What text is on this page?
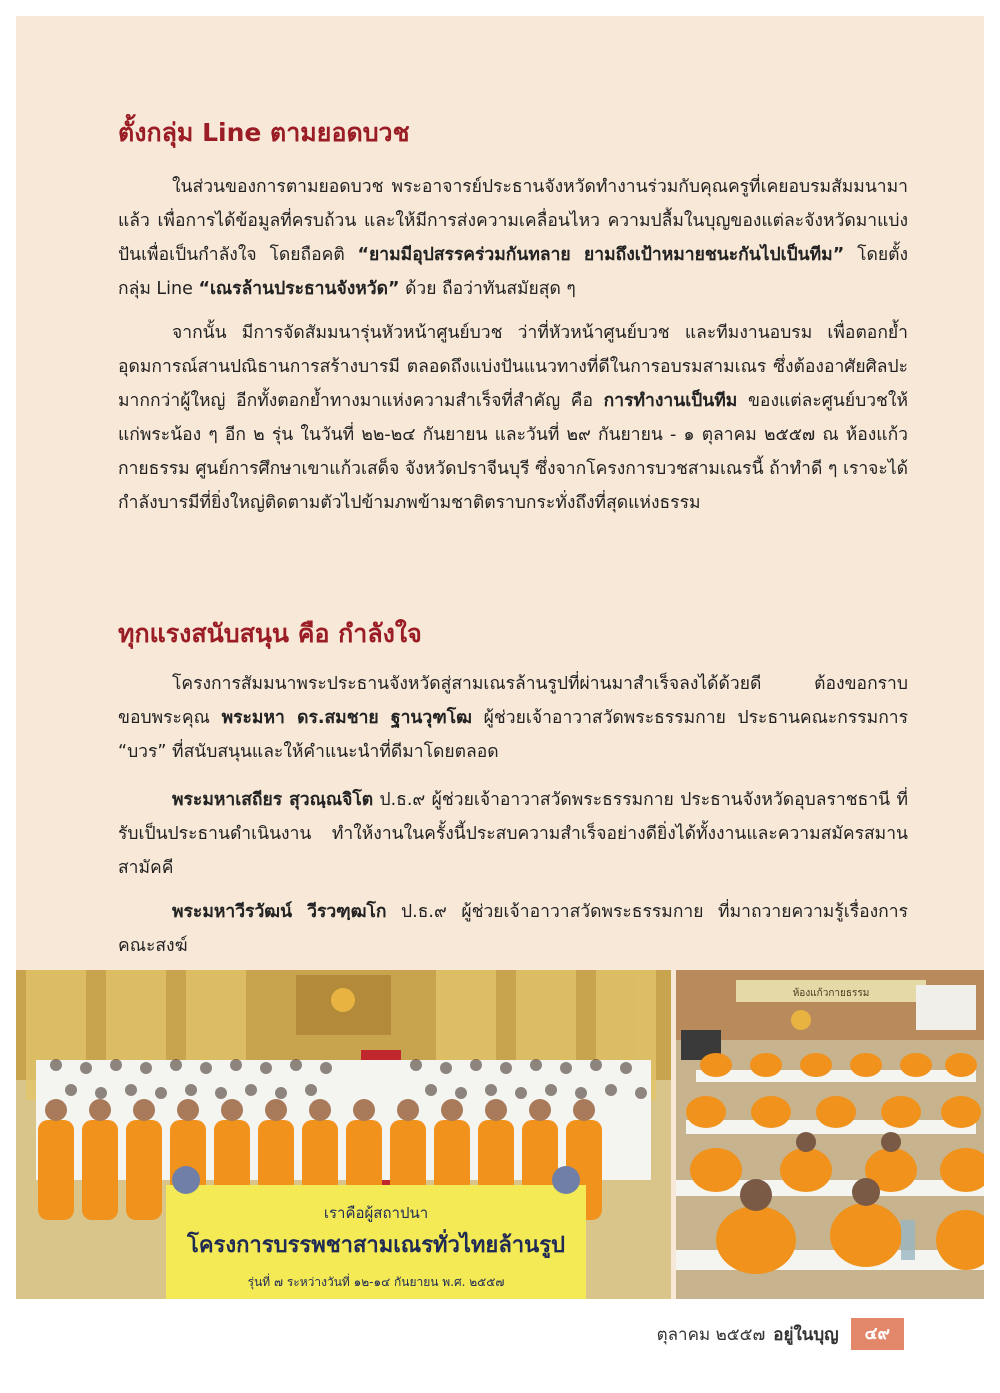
ตั้งกลุ่ม Line ตามยอดบวช

ในส่วนของการตามยอดบวช พระอาจารย์ประธานจังหวัดทำงานร่วมกับคุณครูที่เคยอบรมสัมมนามาแล้ว เพื่อการได้ข้อมูลที่ครบถ้วน และให้มีการส่งความเคลื่อนไหว ความปลื้มในบุญของแต่ละจังหวัดมาแบ่งปันเพื่อเป็นกำลังใจ โดยถือคติ “ยามมีอุปสรรคร่วมกันทลาย ยามถึงเป้าหมายชนะกันไปเป็นทีม” โดยตั้งกลุ่ม Line “เณรล้านประธานจังหวัด” ด้วย ถือว่าทันสมัยสุด ๆ

จากนั้น มีการจัดสัมมนารุ่นหัวหน้าศูนย์บวช ว่าที่หัวหน้าศูนย์บวช และทีมงานอบรม เพื่อตอกย้ำอุดมการณ์สานปณิธานการสร้างบารมี ตลอดถึงแบ่งปันแนวทางที่ดีในการอบรมสามเณร ซึ่งต้องอาศัยศิลปะมากกว่าผู้ใหญ่ อีกทั้งตอกย้ำทางมาแห่งความสำเร็จที่สำคัญ คือ การทำงานเป็นทีม ของแต่ละศูนย์บวชให้แก่พระน้อง ๆ อีก ๒ รุ่น ในวันที่ ๒๒-๒๔ กันยายน และวันที่ ๒๙ กันยายน - ๑ ตุลาคม ๒๕๕๗ ณ ห้องแก้วกายธรรม ศูนย์การศึกษาเขาแก้วเสด็จ จังหวัดปราจีนบุรี ซึ่งจากโครงการบวชสามเณรนี้ ถ้าทำดี ๆ เราจะได้กำลังบารมีที่ยิ่งใหญ่ติดตามตัวไปข้ามภพข้ามชาติตราบกระทั่งถึงที่สุดแห่งธรรม

ทุกแรงสนับสนุน คือ กำลังใจ

โครงการสัมมนาพระประธานจังหวัดสู่สามเณรล้านรูปที่ผ่านมาสำเร็จลงได้ด้วยดี ต้องขอกราบขอบพระคุณ พระมหา ดร.สมชาย ฐานวุฑโฒ ผู้ช่วยเจ้าอาวาสวัดพระธรรมกาย ประธานคณะกรรมการ “บวร” ที่สนับสนุนและให้คำแนะนำที่ดีมาโดยตลอด

พระมหาเสถียร สุวณฺณจิโต ป.ธ.๙ ผู้ช่วยเจ้าอาวาสวัดพระธรรมกาย ประธานจังหวัดอุบลราชธานี ที่รับเป็นประธานดำเนินงาน ทำให้งานในครั้งนี้ประสบความสำเร็จอย่างดียิ่งได้ทั้งงานและความสมัครสมานสามัคคี

พระมหาวีรวัฒน์ วีรวฑฺฒโก ป.ธ.๙ ผู้ช่วยเจ้าอาวาสวัดพระธรรมกาย ที่มาถวายความรู้เรื่องการคณะสงฆ์

เราคือผู้สถาปนา
โครงการบรรพชาสามเณรทั่วไทยล้านรูป
รุ่นที่ ๗ ระหว่างวันที่ ๑๒-๑๔ กันยายน พ.ศ. ๒๕๕๗
ห้องแก้วกายธรรม
ตุลาคม ๒๕๕๗ อยู่ในบุญ	๔๙
